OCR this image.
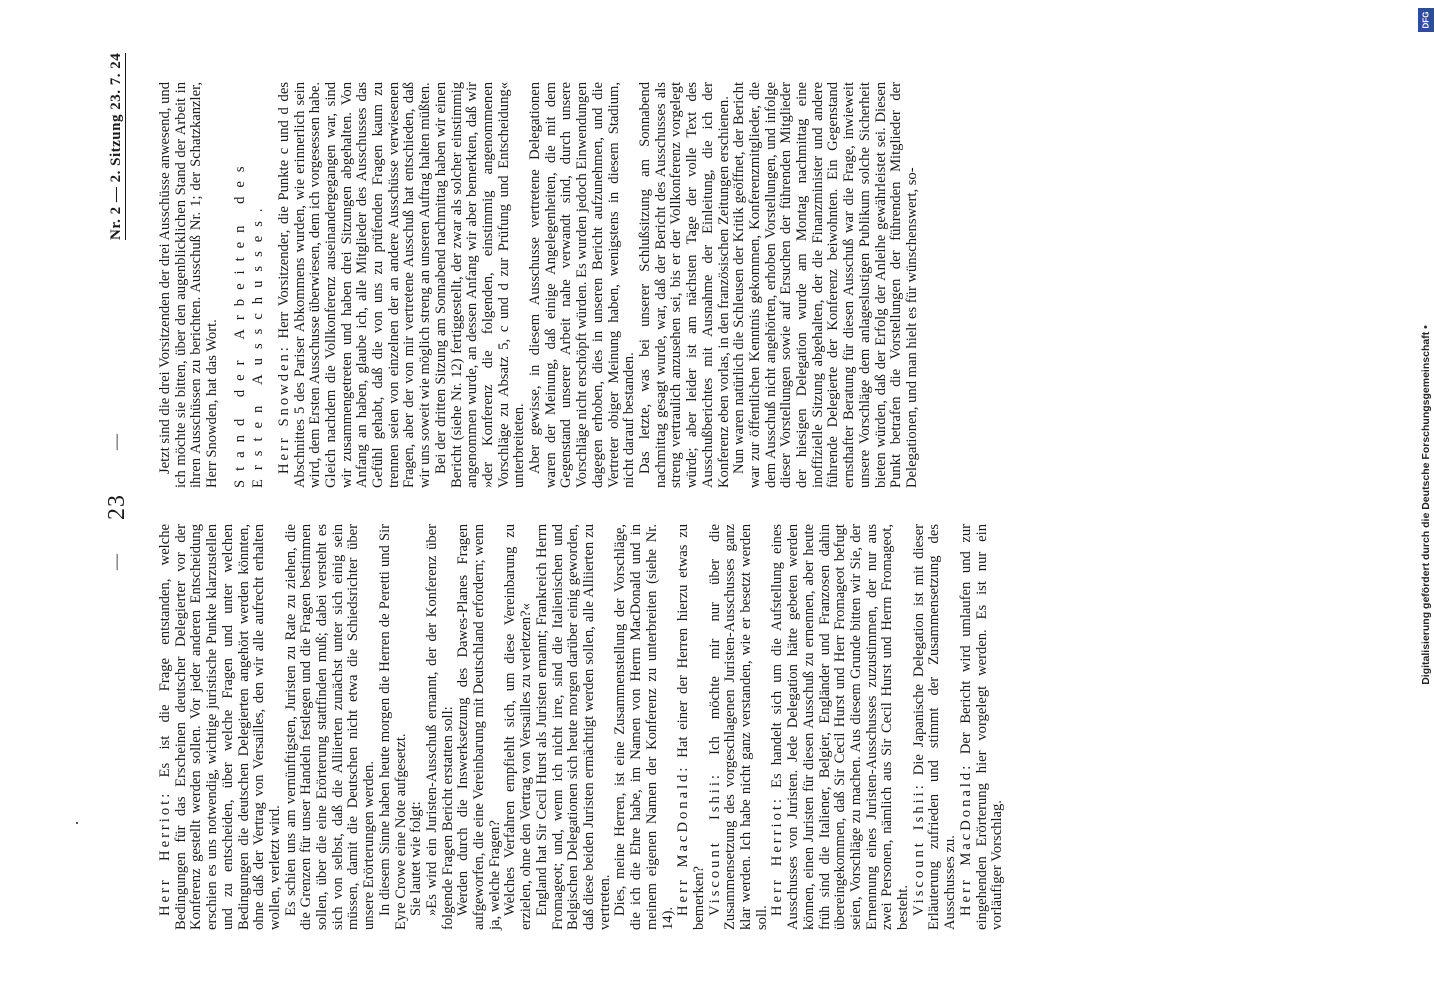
—
23
—
Nr. 2 — 2. Sitzung 23. 7. 24

Herr Herriot: Es ist die Frage entstanden, welche Bedingungen für das Erscheinen deutscher Delegierter vor der Konferenz gestellt werden sollen. Vor jeder anderen Entscheidung erschien es uns notwendig, wichtige juristische Punkte klarzustellen und zu entscheiden, über welche Fragen und unter welchen Bedingungen die deutschen Delegierten angehört werden könnten, ohne daß der Vertrag von Versailles, den wir alle aufrecht erhalten wollen, verletzt wird. Es schien uns am vernünftigsten, Juristen zu Rate zu ziehen, die die Grenzen für unser Handeln festlegen und die Fragen bestimmen sollen, über die eine Erörterung stattfinden muß; dabei versteht es sich von selbst, daß die Alliierten zunächst unter sich einig sein müssen, damit die Deutschen nicht etwa die Schiedsrichter über unsere Erörterungen werden. In diesem Sinne haben heute morgen die Herren de Peretti und Sir Eyre Crowe eine Note aufgesetzt. Sie lautet wie folgt: »Es wird ein Juristen-Ausschuß ernannt, der der Konferenz über folgende Fragen Bericht erstatten soll: Werden durch die Inswerksetzung des Dawes-Planes Fragen aufgeworfen, die eine Vereinbarung mit Deutschland erfordern; wenn ja, welche Fragen? Welches Verfahren empfiehlt sich, um diese Vereinbarung zu erzielen, ohne den Vertrag von Versailles zu verletzen?« England hat Sir Cecil Hurst als Juristen ernannt; Frankreich Herrn Fromageot; und, wenn ich nicht irre, sind die Italienischen und Belgischen Delegationen sich heute morgen darüber einig geworden, daß diese beiden Juristen ermächtigt werden sollen, alle Alliierten zu vertreten. Dies, meine Herren, ist eine Zusammenstellung der Vorschläge, die ich die Ehre habe, im Namen von Herrn MacDonald und in meinem eigenen Namen der Konferenz zu unterbreiten (siehe Nr. 14).

Herr MacDonald: Hat einer der Herren hierzu etwas zu bemerken? Viscount Ishii: Ich möchte mir nur über die Zusammensetzung des vorgeschlagenen Juristen-Ausschusses ganz klar werden. Ich habe nicht ganz verstanden, wie er besetzt werden soll.

Herr Herriot: Es handelt sich um die Aufstellung eines Ausschusses von Juristen. Jede Delegation hätte gebeten werden können, einen Juristen für diesen Ausschuß zu ernennen, aber heute früh sind die Italiener, Belgier, Engländer und Franzosen dahin übereingekommen, daß Sir Cecil Hurst und Herr Fromageot befugt seien, Vorschläge zu machen. Aus diesem Grunde bitten wir Sie, der Ernennung eines Juristen-Ausschusses zuzustimmen, der nur aus zwei Personen, nämlich aus Sir Cecil Hurst und Herrn Fromageot, besteht. Viscount Ishii: Die Japanische Delegation ist mit dieser Erläuterung zufrieden und stimmt der Zusammensetzung des Ausschusses zu. Herr MacDonald: Der Bericht wird umlaufen und zur eingehenden Erörterung hier vorgelegt werden. Es ist nur ein vorläufiger Vorschlag.

Jetzt sind die drei Vorsitzenden der drei Ausschüsse anwesend, und ich möchte sie bitten, über den augenblicklichen Stand der Arbeit in ihren Ausschüssen zu berichten. Ausschuß Nr. 1; der Schatzkanzler, Herr Snowden, hat das Wort. Stand der Arbeiten des Ersten Ausschusses. Herr Snowden: Herr Vorsitzender, die Punkte c und d des Abschnittes 5 des Pariser Abkommens wurden, wie erinnerlich sein wird, dem Ersten Ausschusse überwiesen, dem ich vorgesessen habe. Gleich nachdem die Vollkonferenz auseinandergegangen war, sind wir zusammengetreten und haben drei Sitzungen abgehalten. Von Anfang an haben, glaube ich, alle Mitglieder des Ausschusses das Gefühl gehabt, daß die von uns zu prüfenden Fragen kaum zu trennen seien von einzelnen der an andere Ausschüsse verwiesenen Fragen, aber der von mir vertretene Ausschuß hat entschieden, daß wir uns soweit wie möglich streng an unseren Auftrag halten müßten. Bei der dritten Sitzung am Sonnabend nachmittag haben wir einen Bericht (siehe Nr. 12) fertiggestellt, der zwar als solcher einstimmig angenommen wurde, an dessen Anfang wir aber bemerkten, daß wir »der Konferenz die folgenden, einstimmig angenommenen Vorschläge zu Absatz 5, c und d zur Prüfung und Entscheidung« unterbreiteten. Aber gewisse, in diesem Ausschusse vertretene Delegationen waren der Meinung, daß einige Angelegenheiten, die mit dem Gegenstand unserer Arbeit nahe verwandt sind, durch unsere Vorschläge nicht erschöpft würden. Es wurden jedoch Einwendungen dagegen erhoben, dies in unseren Bericht aufzunehmen, und die Vertreter obiger Meinung haben, wenigstens in diesem Stadium, nicht darauf bestanden. Das letzte, was bei unserer Schlußsitzung am Sonnabend nachmittag gesagt wurde, war, daß der Bericht des Ausschusses als streng vertraulich anzusehen sei, bis er der Vollkonferenz vorgelegt würde; aber leider ist am nächsten Tage der volle Text des Ausschußberichtes mit Ausnahme der Einleitung, die ich der Konferenz eben vorlas, in den französischen Zeitungen erschienen. Nun waren natürlich die Schleusen der Kritik geöffnet, der Bericht war zur öffentlichen Kenntnis gekommen, Konferenzmitglieder, die dem Ausschuß nicht angehörten, erhoben Vorstellungen, und infolge dieser Vorstellungen sowie auf Ersuchen der führenden Mitglieder der hiesigen Delegation wurde am Montag nachmittag eine inoffizielle Sitzung abgehalten, der die Finanzminister und andere führende Delegierte der Konferenz beiwohnten. Ein Gegenstand ernsthafter Beratung für diesen Ausschuß war die Frage, inwieweit unsere Vorschläge dem anlageslustigen Publikum solche Sicherheit bieten würden, daß der Erfolg der Anleihe gewährleistet sei. Diesen Punkt betrafen die Vorstellungen der führenden Mitglieder der Delegationen, und man hielt es für wünschenswert, so-

DFG
Digitalisierung gefördert durch die Deutsche Forschungsgemeinschaft •
